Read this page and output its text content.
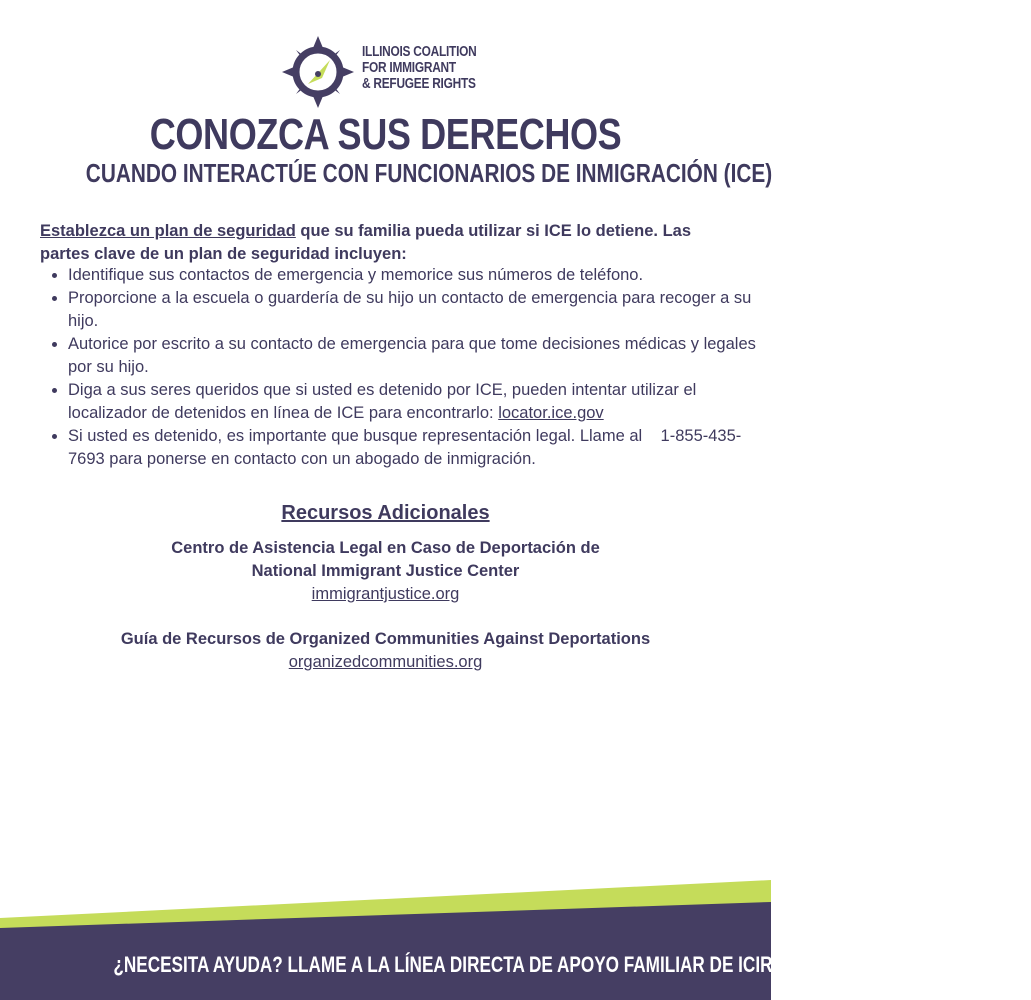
ILLINOIS COALITION
FOR IMMIGRANT
& REFUGEE RIGHTS
CONOZCA SUS DERECHOS
CUANDO INTERACTÚE CON FUNCIONARIOS DE INMIGRACIÓN (ICE)
Establezca un plan de seguridad que su familia pueda utilizar si ICE lo detiene. Las partes clave de un plan de seguridad incluyen:
• Identifique sus contactos de emergencia y memorice sus números de teléfono.
• Proporcione a la escuela o guardería de su hijo un contacto de emergencia para recoger a su hijo.
• Autorice por escrito a su contacto de emergencia para que tome decisiones médicas y legales por su hijo.
• Diga a sus seres queridos que si usted es detenido por ICE, pueden intentar utilizar el localizador de detenidos en línea de ICE para encontrarlo: locator.ice.gov
• Si usted es detenido, es importante que busque representación legal. Llame al    1-855-435-7693 para ponerse en contacto con un abogado de inmigración.
Recursos Adicionales
Centro de Asistencia Legal en Caso de Deportación de
National Immigrant Justice Center
immigrantjustice.org
Guía de Recursos de Organized Communities Against Deportations
organizedcommunities.org
¿NECESITA AYUDA? LLAME A LA LÍNEA DIRECTA DE APOYO FAMILIAR DE ICIRR: 1-855-435-7693
